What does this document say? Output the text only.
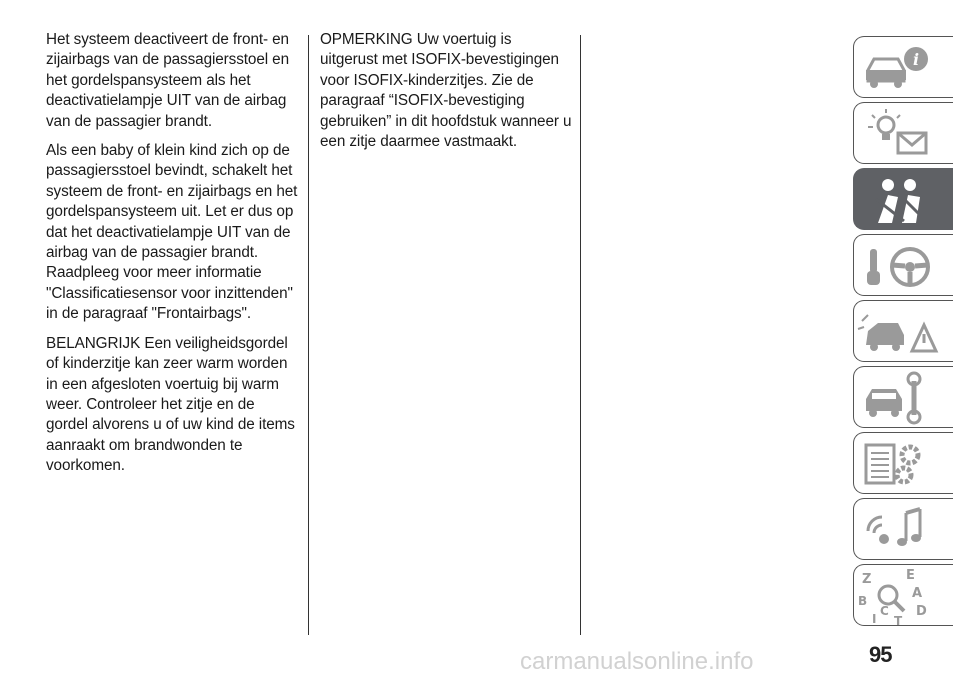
Het systeem deactiveert de front- en zijairbags van de passagiersstoel en het gordelspansysteem als het deactivatielampje UIT van de airbag van de passagier brandt.

Als een baby of klein kind zich op de passagiersstoel bevindt, schakelt het systeem de front- en zijairbags en het gordelspansysteem uit. Let er dus op dat het deactivatielampje UIT van de airbag van de passagier brandt. Raadpleeg voor meer informatie "Classificatiesensor voor inzittenden" in de paragraaf "Frontairbags".

BELANGRIJK Een veiligheidsgordel of kinderzitje kan zeer warm worden in een afgesloten voertuig bij warm weer. Controleer het zitje en de gordel alvorens u of uw kind de items aanraakt om brandwonden te voorkomen.

OPMERKING Uw voertuig is uitgerust met ISOFIX-bevestigingen voor ISOFIX-kinderzitjes. Zie de paragraaf “ISOFIX-bevestiging gebruiken” in dit hoofdstuk wanneer u een zitje daarmee vastmaakt.

i
Z	E
B	A
D
I
C
T
carmanualsonline.info	95
